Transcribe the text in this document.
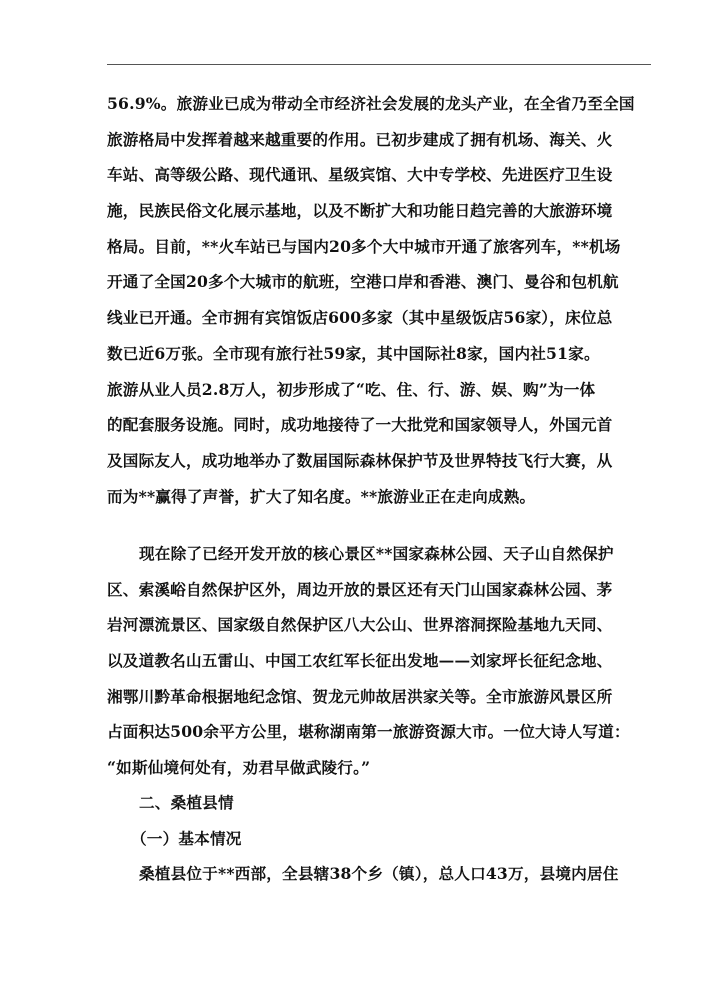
56.9%。旅游业已成为带动全市经济社会发展的龙头产业，在全省乃至全国
旅游格局中发挥着越来越重要的作用。已初步建成了拥有机场、海关、火
车站、高等级公路、现代通讯、星级宾馆、大中专学校、先进医疗卫生设
施，民族民俗文化展示基地，以及不断扩大和功能日趋完善的大旅游环境
格局。目前，**火车站已与国内20多个大中城市开通了旅客列车，**机场
开通了全国20多个大城市的航班，空港口岸和香港、澳门、曼谷和包机航
线业已开通。全市拥有宾馆饭店600多家（其中星级饭店56家），床位总
数已近6万张。全市现有旅行社59家，其中国际社8家，国内社51家。
旅游从业人员2.8万人，初步形成了“吃、住、行、游、娱、购”为一体
的配套服务设施。同时，成功地接待了一大批党和国家领导人，外国元首
及国际友人，成功地举办了数届国际森林保护节及世界特技飞行大赛，从
而为**赢得了声誉，扩大了知名度。**旅游业正在走向成熟。
现在除了已经开发开放的核心景区**国家森林公园、天子山自然保护
区、索溪峪自然保护区外，周边开放的景区还有天门山国家森林公园、茅
岩河漂流景区、国家级自然保护区八大公山、世界溶洞探险基地九天同、
以及道教名山五雷山、中国工农红军长征出发地——刘家坪长征纪念地、
湘鄂川黔革命根据地纪念馆、贺龙元帅故居洪家关等。全市旅游风景区所
占面积达500余平方公里，堪称湖南第一旅游资源大市。一位大诗人写道：
“如斯仙境何处有，劝君早做武陵行。”
二、桑植县情
（一）基本情况
桑植县位于**西部，全县辖38个乡（镇），总人口43万，县境内居住
